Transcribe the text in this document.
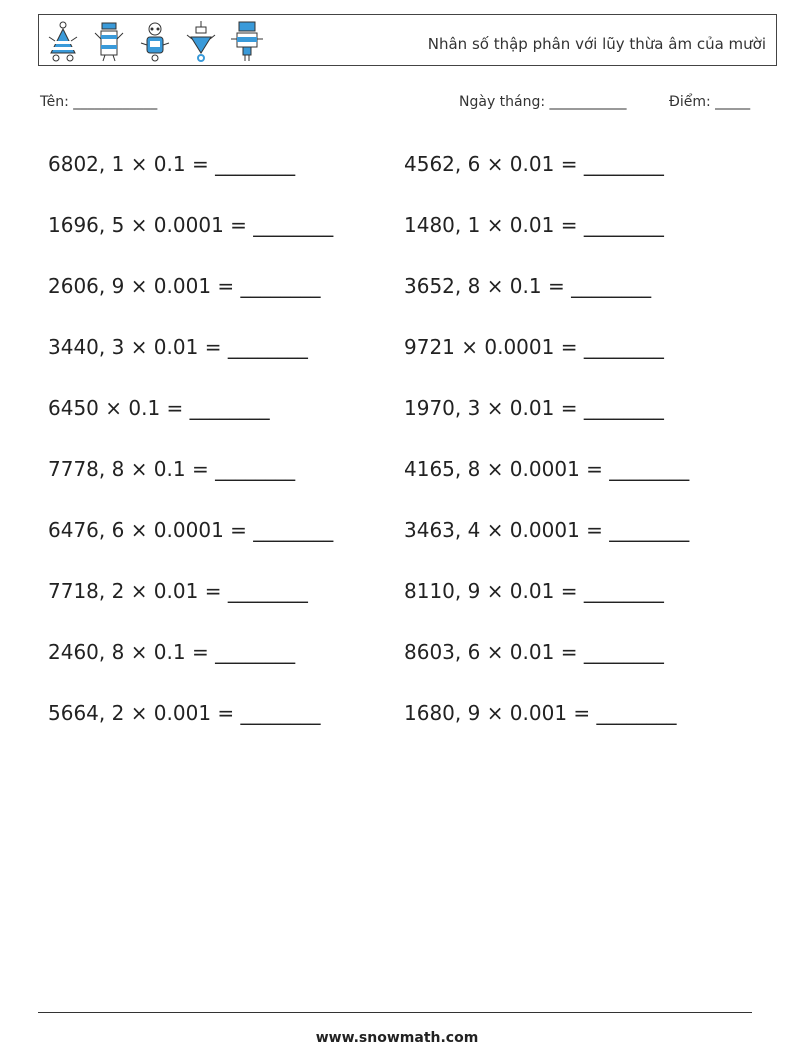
Nhân số thập phân với lũy thừa âm của mười
Tên: ____________	Ngày tháng: ___________	Điểm: _____
6802, 1 × 0.1 = ________	4562, 6 × 0.01 = ________
1696, 5 × 0.0001 = ________	1480, 1 × 0.01 = ________
2606, 9 × 0.001 = ________	3652, 8 × 0.1 = ________
3440, 3 × 0.01 = ________	9721 × 0.0001 = ________
6450 × 0.1 = ________	1970, 3 × 0.01 = ________
7778, 8 × 0.1 = ________	4165, 8 × 0.0001 = ________
6476, 6 × 0.0001 = ________	3463, 4 × 0.0001 = ________
7718, 2 × 0.01 = ________	8110, 9 × 0.01 = ________
2460, 8 × 0.1 = ________	8603, 6 × 0.01 = ________
5664, 2 × 0.001 = ________	1680, 9 × 0.001 = ________
www.snowmath.com
